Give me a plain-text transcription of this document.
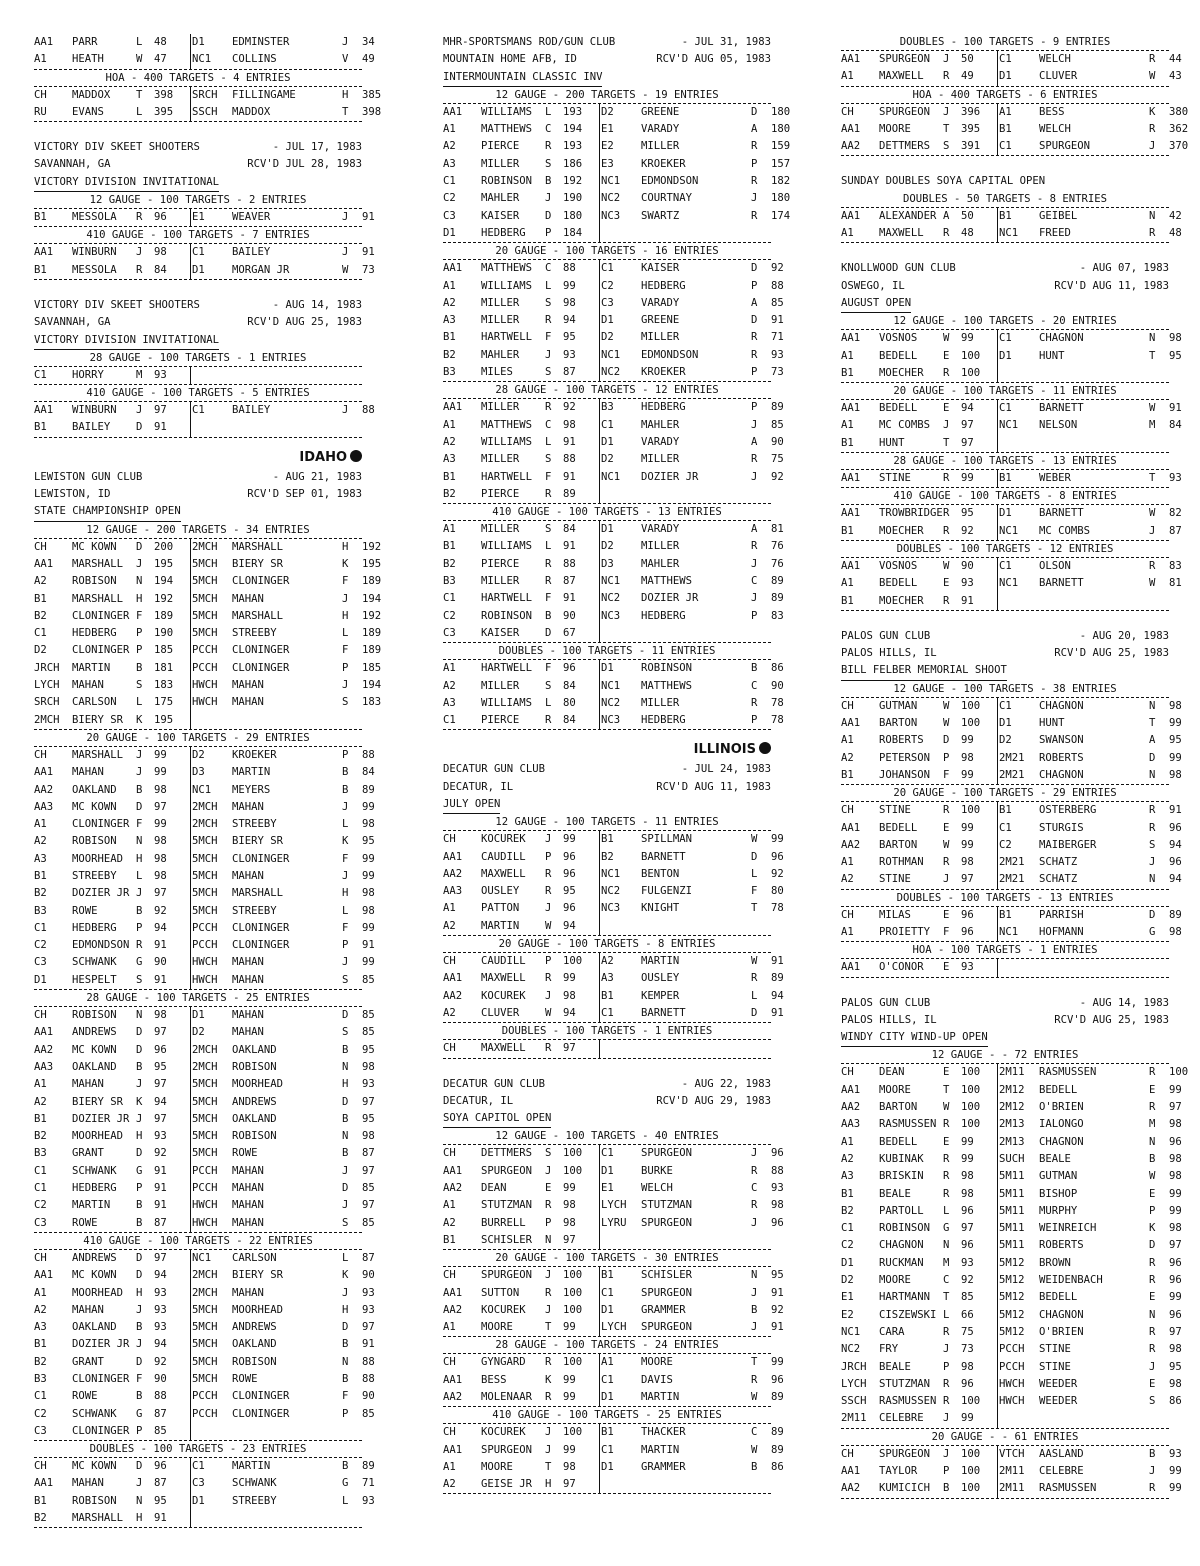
AA1	PARR	L	48	D1	EDMINSTER	J	34
A1	HEATH	W	47	NC1	COLLINS	V	49
HOA - 400 TARGETS - 4 ENTRIES
CH	MADDOX	T	398	SRCH	FILLINGAME	H	385
RU	EVANS	L	395	SSCH	MADDOX	T	398
VICTORY DIV SKEET SHOOTERS	- JUL 17, 1983
SAVANNAH, GA	RCV'D JUL 28, 1983
VICTORY DIVISION INVITATIONAL
12 GAUGE - 100 TARGETS - 2 ENTRIES
B1	MESSOLA	R	96	E1	WEAVER	J	91
410 GAUGE - 100 TARGETS - 7 ENTRIES
AA1	WINBURN	J	98	C1	BAILEY	J	91
B1	MESSOLA	R	84	D1	MORGAN JR	W	73
VICTORY DIV SKEET SHOOTERS	- AUG 14, 1983
SAVANNAH, GA	RCV'D AUG 25, 1983
VICTORY DIVISION INVITATIONAL
28 GAUGE - 100 TARGETS - 1 ENTRIES
C1	HORRY	M	93
410 GAUGE - 100 TARGETS - 5 ENTRIES
AA1	WINBURN	J	97	C1	BAILEY	J	88
B1	BAILEY	D	91
IDAHO
LEWISTON GUN CLUB	- AUG 21, 1983
LEWISTON, ID	RCV'D SEP 01, 1983
STATE CHAMPIONSHIP OPEN
12 GAUGE - 200 TARGETS - 34 ENTRIES
CH	MC KOWN	D	200	2MCH	MARSHALL	H	192
AA1	MARSHALL	J	195	5MCH	BIERY SR	K	195
A2	ROBISON	N	194	5MCH	CLONINGER	F	189
B1	MARSHALL	H	192	5MCH	MAHAN	J	194
B2	CLONINGER F	189	5MCH	MARSHALL	H	192
C1	HEDBERG	P	190	5MCH	STREEBY	L	189
D2	CLONINGER P	185	PCCH	CLONINGER	F	189
JRCH	MARTIN	B	181	PCCH	CLONINGER	P	185
LYCH	MAHAN	S	183	HWCH	MAHAN	J	194
SRCH	CARLSON	L	175	HWCH	MAHAN	S	183
2MCH	BIERY SR	K	195
20 GAUGE - 100 TARGETS - 29 ENTRIES
CH	MARSHALL	J	99	D2	KROEKER	P	88
AA1	MAHAN	J	99	D3	MARTIN	B	84
AA2	OAKLAND	B	98	NC1	MEYERS	B	89
AA3	MC KOWN	D	97	2MCH	MAHAN	J	99
A1	CLONINGER F	99	2MCH	STREEBY	L	98
A2	ROBISON	N	98	5MCH	BIERY SR	K	95
A3	MOORHEAD	H	98	5MCH	CLONINGER	F	99
B1	STREEBY	L	98	5MCH	MAHAN	J	99
B2	DOZIER JR J	97	5MCH	MARSHALL	H	98
B3	ROWE	B	92	5MCH	STREEBY	L	98
C1	HEDBERG	P	94	PCCH	CLONINGER	F	99
C2	EDMONDSON R	91	PCCH	CLONINGER	P	91
C3	SCHWANK	G	90	HWCH	MAHAN	J	99
D1	HESPELT	S	91	HWCH	MAHAN	S	85
28 GAUGE - 100 TARGETS - 25 ENTRIES
CH	ROBISON	N	98	D1	MAHAN	D	85
AA1	ANDREWS	D	97	D2	MAHAN	S	85
AA2	MC KOWN	D	96	2MCH	OAKLAND	B	95
AA3	OAKLAND	B	95	2MCH	ROBISON	N	98
A1	MAHAN	J	97	5MCH	MOORHEAD	H	93
A2	BIERY SR	K	94	5MCH	ANDREWS	D	97
B1	DOZIER JR J	97	5MCH	OAKLAND	B	95
B2	MOORHEAD	H	93	5MCH	ROBISON	N	98
B3	GRANT	D	92	5MCH	ROWE	B	87
C1	SCHWANK	G	91	PCCH	MAHAN	J	97
C1	HEDBERG	P	91	PCCH	MAHAN	D	85
C2	MARTIN	B	91	HWCH	MAHAN	J	97
C3	ROWE	B	87	HWCH	MAHAN	S	85
410 GAUGE - 100 TARGETS - 22 ENTRIES
CH	ANDREWS	D	97	NC1	CARLSON	L	87
AA1	MC KOWN	D	94	2MCH	BIERY SR	K	90
A1	MOORHEAD	H	93	2MCH	MAHAN	J	93
A2	MAHAN	J	93	5MCH	MOORHEAD	H	93
A3	OAKLAND	B	93	5MCH	ANDREWS	D	97
B1	DOZIER JR J	94	5MCH	OAKLAND	B	91
B2	GRANT	D	92	5MCH	ROBISON	N	88
B3	CLONINGER F	90	5MCH	ROWE	B	88
C1	ROWE	B	88	PCCH	CLONINGER	F	90
C2	SCHWANK	G	87	PCCH	CLONINGER	P	85
C3	CLONINGER P	85
DOUBLES - 100 TARGETS - 23 ENTRIES
CH	MC KOWN	D	96	C1	MARTIN	B	89
AA1	MAHAN	J	87	C3	SCHWANK	G	71
B1	ROBISON	N	95	D1	STREEBY	L	93
B2	MARSHALL	H	91
MHR-SPORTSMANS ROD/GUN CLUB	- JUL 31, 1983
MOUNTAIN HOME AFB, ID	RCV'D AUG 05, 1983
INTERMOUNTAIN CLASSIC INV
12 GAUGE - 200 TARGETS - 19 ENTRIES
AA1	WILLIAMS	L	193	D2	GREENE	D	180
A1	MATTHEWS	C	194	E1	VARADY	A	180
A2	PIERCE	R	193	E2	MILLER	R	159
A3	MILLER	S	186	E3	KROEKER	P	157
C1	ROBINSON	B	192	NC1	EDMONDSON	R	182
C2	MAHLER	J	190	NC2	COURTNAY	J	180
C3	KAISER	D	180	NC3	SWARTZ	R	174
D1	HEDBERG	P	184
20 GAUGE - 100 TARGETS - 16 ENTRIES
AA1	MATTHEWS	C	88	C1	KAISER	D	92
A1	WILLIAMS	L	99	C2	HEDBERG	P	88
A2	MILLER	S	98	C3	VARADY	A	85
A3	MILLER	R	94	D1	GREENE	D	91
B1	HARTWELL	F	95	D2	MILLER	R	71
B2	MAHLER	J	93	NC1	EDMONDSON	R	93
B3	MILES	S	87	NC2	KROEKER	P	73
28 GAUGE - 100 TARGETS - 12 ENTRIES
AA1	MILLER	R	92	B3	HEDBERG	P	89
A1	MATTHEWS	C	98	C1	MAHLER	J	85
A2	WILLIAMS	L	91	D1	VARADY	A	90
A3	MILLER	S	88	D2	MILLER	R	75
B1	HARTWELL	F	91	NC1	DOZIER JR	J	92
B2	PIERCE	R	89
410 GAUGE - 100 TARGETS - 13 ENTRIES
A1	MILLER	S	84	D1	VARADY	A	81
B1	WILLIAMS	L	91	D2	MILLER	R	76
B2	PIERCE	R	88	D3	MAHLER	J	76
B3	MILLER	R	87	NC1	MATTHEWS	C	89
C1	HARTWELL	F	91	NC2	DOZIER JR	J	89
C2	ROBINSON	B	90	NC3	HEDBERG	P	83
C3	KAISER	D	67
DOUBLES - 100 TARGETS - 11 ENTRIES
A1	HARTWELL	F	96	D1	ROBINSON	B	86
A2	MILLER	S	84	NC1	MATTHEWS	C	90
A3	WILLIAMS	L	80	NC2	MILLER	R	78
C1	PIERCE	R	84	NC3	HEDBERG	P	78
ILLINOIS
DECATUR GUN CLUB	- JUL 24, 1983
DECATUR, IL	RCV'D AUG 11, 1983
JULY OPEN
12 GAUGE - 100 TARGETS - 11 ENTRIES
CH	KOCUREK	J	99	B1	SPILLMAN	W	99
AA1	CAUDILL	P	96	B2	BARNETT	D	96
AA2	MAXWELL	R	96	NC1	BENTON	L	92
AA3	OUSLEY	R	95	NC2	FULGENZI	F	80
A1	PATTON	J	96	NC3	KNIGHT	T	78
A2	MARTIN	W	94
20 GAUGE - 100 TARGETS - 8 ENTRIES
CH	CAUDILL	P	100	A2	MARTIN	W	91
AA1	MAXWELL	R	99	A3	OUSLEY	R	89
AA2	KOCUREK	J	98	B1	KEMPER	L	94
A2	CLUVER	W	94	C1	BARNETT	D	91
DOUBLES - 100 TARGETS - 1 ENTRIES
CH	MAXWELL	R	97
DECATUR GUN CLUB	- AUG 22, 1983
DECATUR, IL	RCV'D AUG 29, 1983
SOYA CAPITOL OPEN
12 GAUGE - 100 TARGETS - 40 ENTRIES
CH	DETTMERS	S	100	C1	SPURGEON	J	96
AA1	SPURGEON	J	100	D1	BURKE	R	88
AA2	DEAN	E	99	E1	WELCH	C	93
A1	STUTZMAN	R	98	LYCH	STUTZMAN	R	98
A2	BURRELL	P	98	LYRU	SPURGEON	J	96
B1	SCHISLER	N	97
20 GAUGE - 100 TARGETS - 30 ENTRIES
CH	SPURGEON	J	100	B1	SCHISLER	N	95
AA1	SUTTON	R	100	C1	SPURGEON	J	91
AA2	KOCUREK	J	100	D1	GRAMMER	B	92
A1	MOORE	T	99	LYCH	SPURGEON	J	91
28 GAUGE - 100 TARGETS - 24 ENTRIES
CH	GYNGARD	R	100	A1	MOORE	T	99
AA1	BESS	K	99	C1	DAVIS	R	96
AA2	MOLENAAR	R	99	D1	MARTIN	W	89
410 GAUGE - 100 TARGETS - 25 ENTRIES
CH	KOCUREK	J	100	B1	THACKER	C	89
AA1	SPURGEON	J	99	C1	MARTIN	W	89
A1	MOORE	T	98	D1	GRAMMER	B	86
A2	GEISE JR	H	97
DOUBLES - 100 TARGETS - 9 ENTRIES
AA1	SPURGEON	J	50	C1	WELCH	R	44
A1	MAXWELL	R	49	D1	CLUVER	W	43
HOA - 400 TARGETS - 6 ENTRIES
CH	SPURGEON	J	396	A1	BESS	K	380
AA1	MOORE	T	395	B1	WELCH	R	362
AA2	DETTMERS	S	391	C1	SPURGEON	J	370
SUNDAY DOUBLES SOYA CAPITAL OPEN
DOUBLES - 50 TARGETS - 8 ENTRIES
AA1	ALEXANDER A	50	B1	GEIBEL	N	42
A1	MAXWELL	R	48	NC1	FREED	R	48
KNOLLWOOD GUN CLUB	- AUG 07, 1983
OSWEGO, IL	RCV'D AUG 11, 1983
AUGUST OPEN
12 GAUGE - 100 TARGETS - 20 ENTRIES
AA1	VOSNOS	W	99	C1	CHAGNON	N	98
A1	BEDELL	E	100	D1	HUNT	T	95
B1	MOECHER	R	100
20 GAUGE - 100 TARGETS - 11 ENTRIES
AA1	BEDELL	E	94	C1	BARNETT	W	91
A1	MC COMBS	J	97	NC1	NELSON	M	84
B1	HUNT	T	97
28 GAUGE - 100 TARGETS - 13 ENTRIES
AA1	STINE	R	99	B1	WEBER	T	93
410 GAUGE - 100 TARGETS - 8 ENTRIES
AA1	TROWBRIDGE R	95	D1	BARNETT	W	82
B1	MOECHER	R	92	NC1	MC COMBS	J	87
DOUBLES - 100 TARGETS - 12 ENTRIES
AA1	VOSNOS	W	90	C1	OLSON	R	83
A1	BEDELL	E	93	NC1	BARNETT	W	81
B1	MOECHER	R	91
PALOS GUN CLUB	- AUG 20, 1983
PALOS HILLS, IL	RCV'D AUG 25, 1983
BILL FELBER MEMORIAL SHOOT
12 GAUGE - 100 TARGETS - 38 ENTRIES
CH	GUTMAN	W	100	C1	CHAGNON	N	98
AA1	BARTON	W	100	D1	HUNT	T	99
A1	ROBERTS	D	99	D2	SWANSON	A	95
A2	PETERSON	P	98	2M21	ROBERTS	D	99
B1	JOHANSON	F	99	2M21	CHAGNON	N	98
20 GAUGE - 100 TARGETS - 29 ENTRIES
CH	STINE	R	100	B1	OSTERBERG	R	91
AA1	BEDELL	E	99	C1	STURGIS	R	96
AA2	BARTON	W	99	C2	MAIBERGER	S	94
A1	ROTHMAN	R	98	2M21	SCHATZ	J	96
A2	STINE	J	97	2M21	SCHATZ	N	94
DOUBLES - 100 TARGETS - 13 ENTRIES
CH	MILAS	E	96	B1	PARRISH	D	89
A1	PROIETTY	F	96	NC1	HOFMANN	G	98
HOA - 100 TARGETS - 1 ENTRIES
AA1	O'CONOR	E	93
PALOS GUN CLUB	- AUG 14, 1983
PALOS HILLS, IL	RCV'D AUG 25, 1983
WINDY CITY WIND-UP OPEN
12 GAUGE - - 72 ENTRIES
CH	DEAN	E	100	2M11	RASMUSSEN	R	100
AA1	MOORE	T	100	2M12	BEDELL	E	99
AA2	BARTON	W	100	2M12	O'BRIEN	R	97
AA3	RASMUSSEN R	100	2M13	IALONGO	M	98
A1	BEDELL	E	99	2M13	CHAGNON	N	96
A2	KUBINAK	R	99	SUCH	BEALE	B	98
A3	BRISKIN	R	98	5M11	GUTMAN	W	98
B1	BEALE	R	98	5M11	BISHOP	E	99
B2	PARTOLL	L	96	5M11	MURPHY	P	99
C1	ROBINSON	G	97	5M11	WEINREICH	K	98
C2	CHAGNON	N	96	5M11	ROBERTS	D	97
D1	RUCKMAN	M	93	5M12	BROWN	R	96
D2	MOORE	C	92	5M12	WEIDENBACH	R	96
E1	HARTMANN	T	85	5M12	BEDELL	E	99
E2	CISZEWSKI L	66	5M12	CHAGNON	N	96
NC1	CARA	R	75	5M12	O'BRIEN	R	97
NC2	FRY	J	73	PCCH	STINE	R	98
JRCH	BEALE	P	98	PCCH	STINE	J	95
LYCH	STUTZMAN	R	96	HWCH	WEEDER	E	98
SSCH	RASMUSSEN R	100	HWCH	WEEDER	S	86
2M11	CELEBRE	J	99
20 GAUGE - - 61 ENTRIES
CH	SPURGEON	J	100	VTCH	AASLAND	B	93
AA1	TAYLOR	P	100	2M11	CELEBRE	J	99
AA2	KUMICICH	B	100	2M11	RASMUSSEN	R	99
